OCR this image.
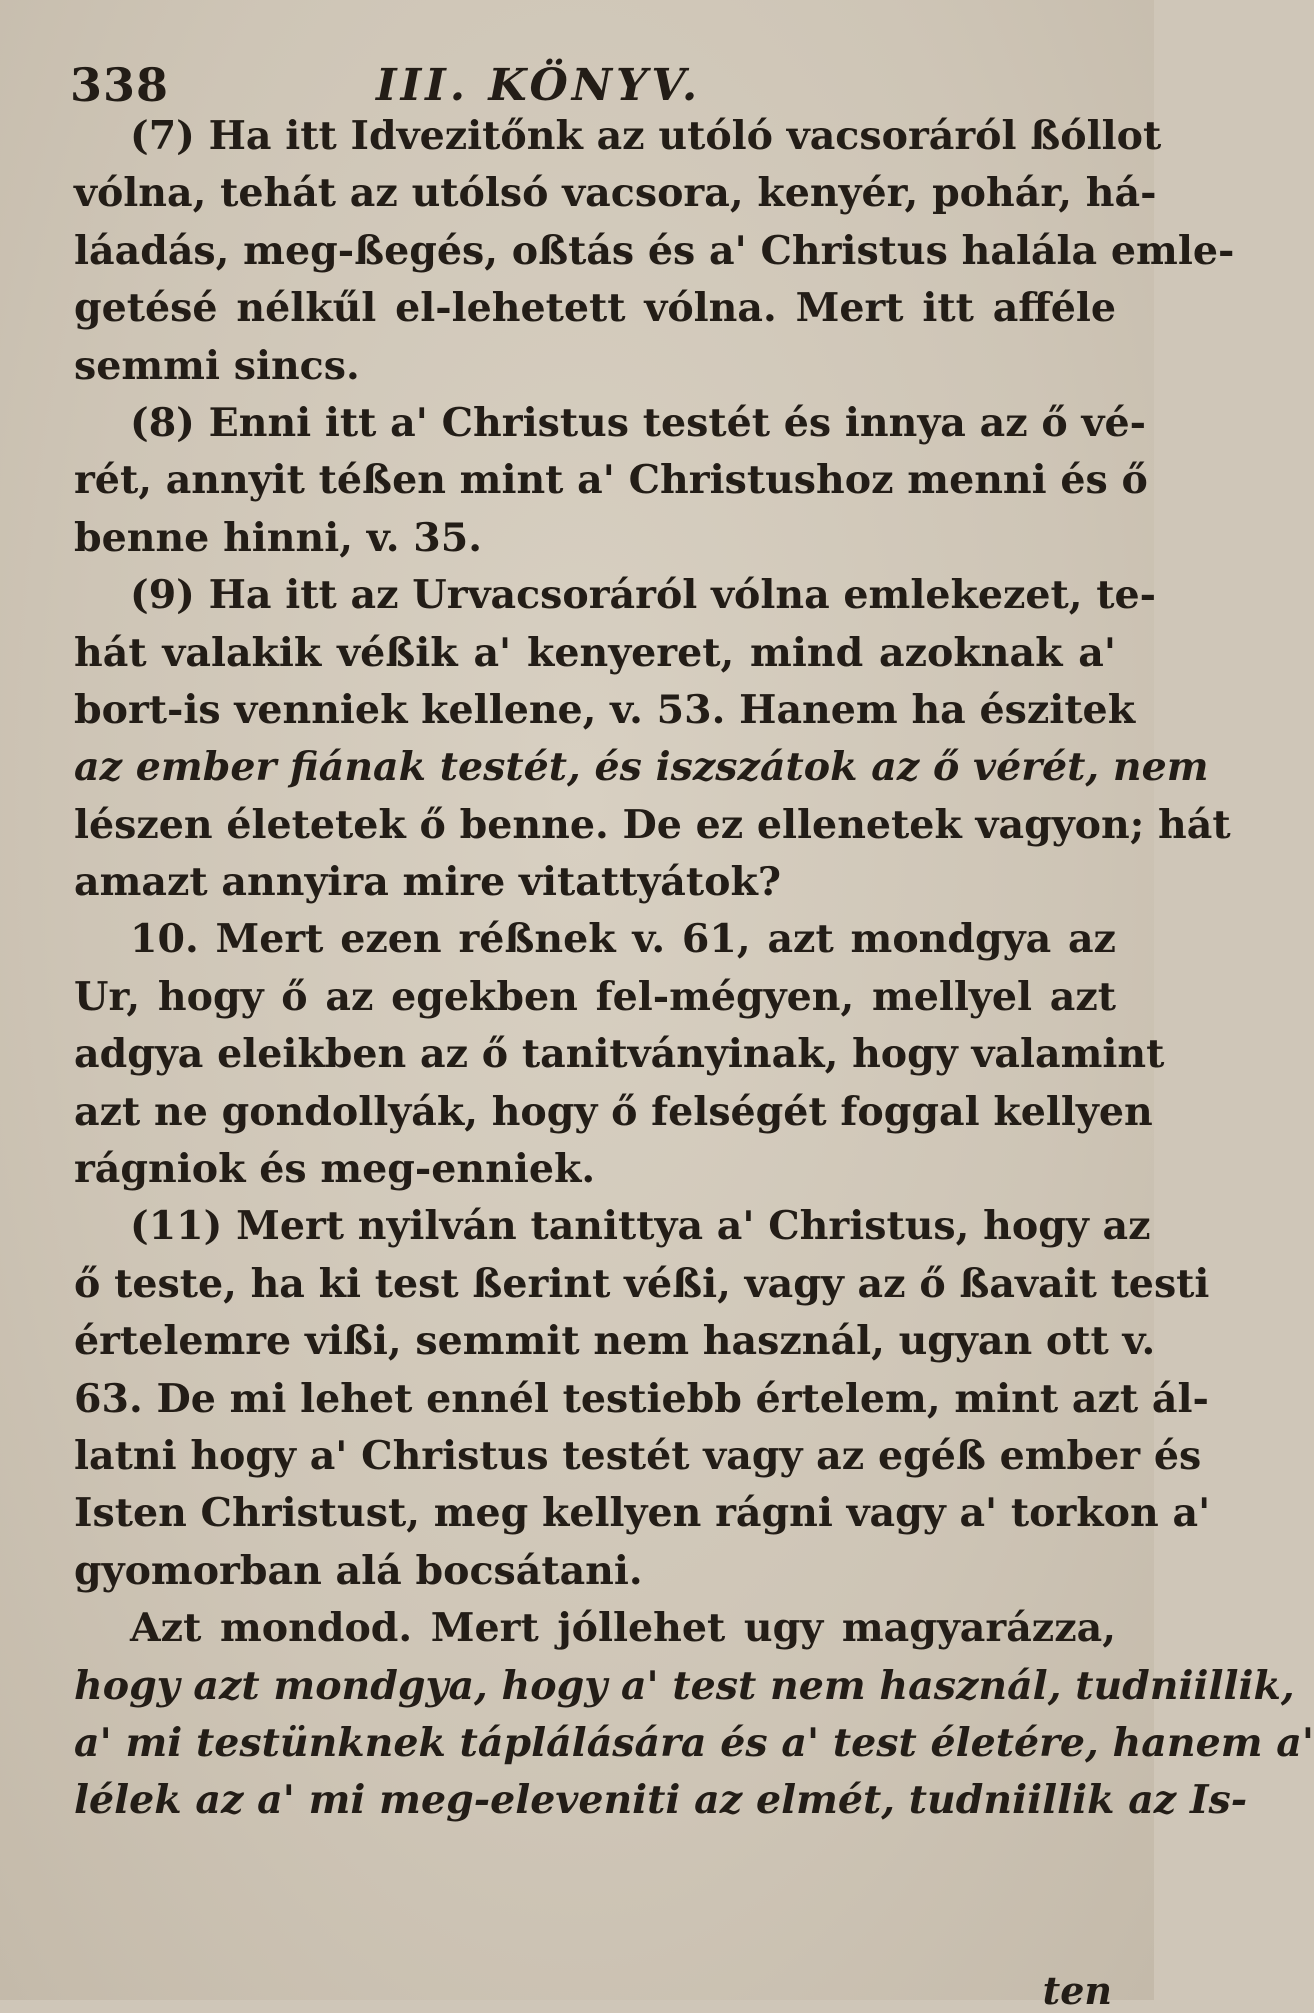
338	III. KÖNYV.
(7) Ha itt Idvezitőnk az utóló vacsoráról ßóllot
vólna, tehát az utólsó vacsora, kenyér, pohár, há-
láadás, meg-ßegés, oßtás és a' Christus halála emle-
getésé nélkűl el-lehetett vólna. Mert itt afféle
semmi sincs.
(8) Enni itt a' Christus testét és innya az ő vé-
rét, annyit téßen mint a' Christushoz menni és ő
benne hinni, v. 35.
(9) Ha itt az Urvacsoráról vólna emlekezet, te-
hát valakik véßik a' kenyeret, mind azoknak a'
bort-is venniek kellene, v. 53. Hanem ha észitek
az ember fiának testét, és iszszátok az ő vérét, nem
lészen életetek ő benne. De ez ellenetek vagyon; hát
amazt annyira mire vitattyátok?
10. Mert ezen réßnek v. 61, azt mondgya az
Ur, hogy ő az egekben fel-mégyen, mellyel azt
adgya eleikben az ő tanitványinak, hogy valamint
azt ne gondollyák, hogy ő felségét foggal kellyen
rágniok és meg-enniek.
(11) Mert nyilván tanittya a' Christus, hogy az
ő teste, ha ki test ßerint véßi, vagy az ő ßavait testi
értelemre vißi, semmit nem használ, ugyan ott v.
63. De mi lehet ennél testiebb értelem, mint azt ál-
latni hogy a' Christus testét vagy az egéß ember és
Isten Christust, meg kellyen rágni vagy a' torkon a'
gyomorban alá bocsátani.
Azt mondod. Mert jóllehet ugy magyarázza,
hogy azt mondgya, hogy a' test nem használ, tudniillik,
a' mi testünknek táplálására és a' test életére, hanem a'
lélek az a' mi meg-eleveniti az elmét, tudniillik az Is-
ten
